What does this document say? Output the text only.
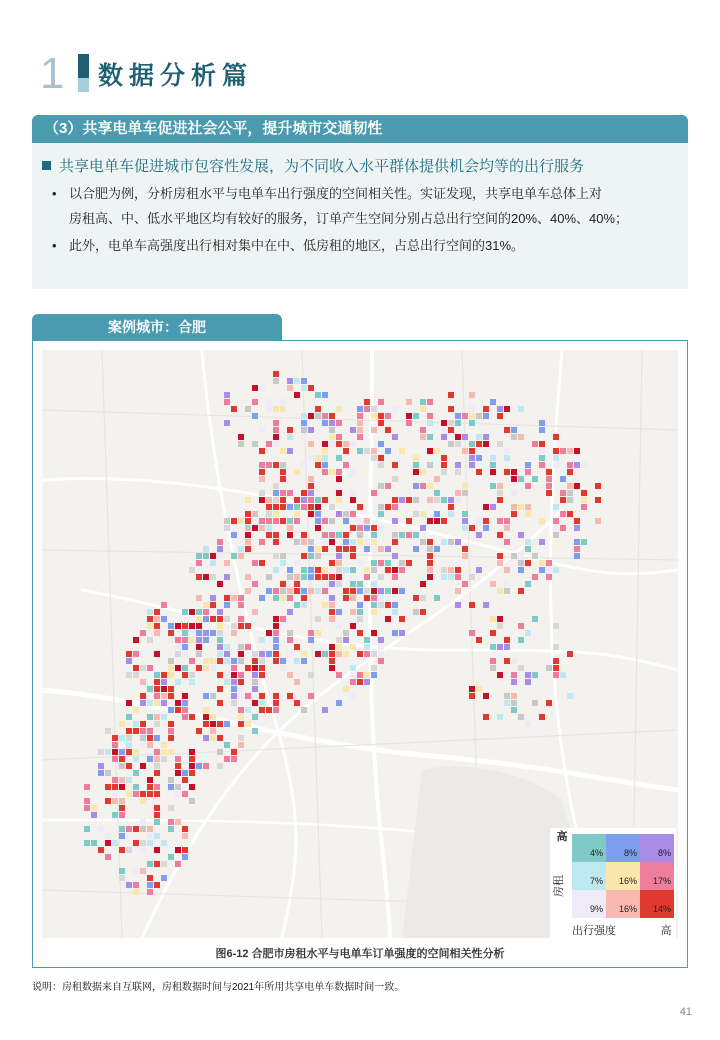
1 数据分析篇
（3）共享电单车促进社会公平，提升城市交通韧性
共享电单车促进城市包容性发展，为不同收入水平群体提供机会均等的出行服务
• 以合肥为例，分析房租水平与电单车出行强度的空间相关性。实证发现，共享电单车总体上对
房租高、中、低水平地区均有较好的服务，订单产生空间分别占总出行空间的20%、40%、40%；
• 此外，电单车高强度出行相对集中在中、低房租的地区，占总出行空间的31%。
案例城市：合肥
4% 8% 8%
7% 16% 17%
9% 16% 14%
高
房租
出行强度	高
图6-12 合肥市房租水平与电单车订单强度的空间相关性分析
说明：房租数据来自互联网，房租数据时间与2021年所用共享电单车数据时间一致。
41
